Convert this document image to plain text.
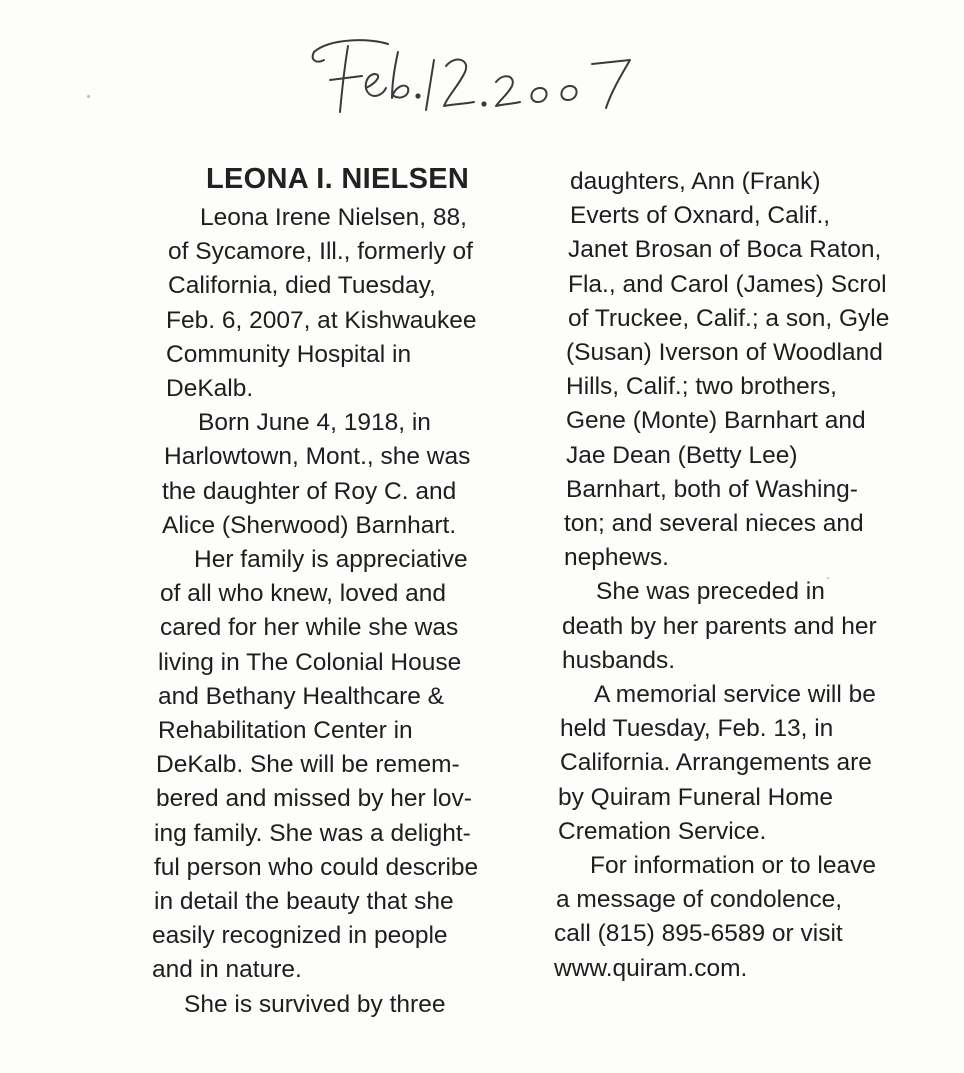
LEONA I. NIELSEN
Leona Irene Nielsen, 88,
of Sycamore, Ill., formerly of
California, died Tuesday,
Feb. 6, 2007, at Kishwaukee
Community Hospital in
DeKalb.
Born June 4, 1918, in
Harlowtown, Mont., she was
the daughter of Roy C. and
Alice (Sherwood) Barnhart.
Her family is appreciative
of all who knew, loved and
cared for her while she was
living in The Colonial House
and Bethany Healthcare &
Rehabilitation Center in
DeKalb. She will be remem-
bered and missed by her lov-
ing family. She was a delight-
ful person who could describe
in detail the beauty that she
easily recognized in people
and in nature.
She is survived by three
daughters, Ann (Frank)
Everts of Oxnard, Calif.,
Janet Brosan of Boca Raton,
Fla., and Carol (James) Scrol
of Truckee, Calif.; a son, Gyle
(Susan) Iverson of Woodland
Hills, Calif.; two brothers,
Gene (Monte) Barnhart and
Jae Dean (Betty Lee)
Barnhart, both of Washing-
ton; and several nieces and
nephews.
She was preceded in
death by her parents and her
husbands.
A memorial service will be
held Tuesday, Feb. 13, in
California. Arrangements are
by Quiram Funeral Home
Cremation Service.
For information or to leave
a message of condolence,
call (815) 895-6589 or visit
www.quiram.com.
